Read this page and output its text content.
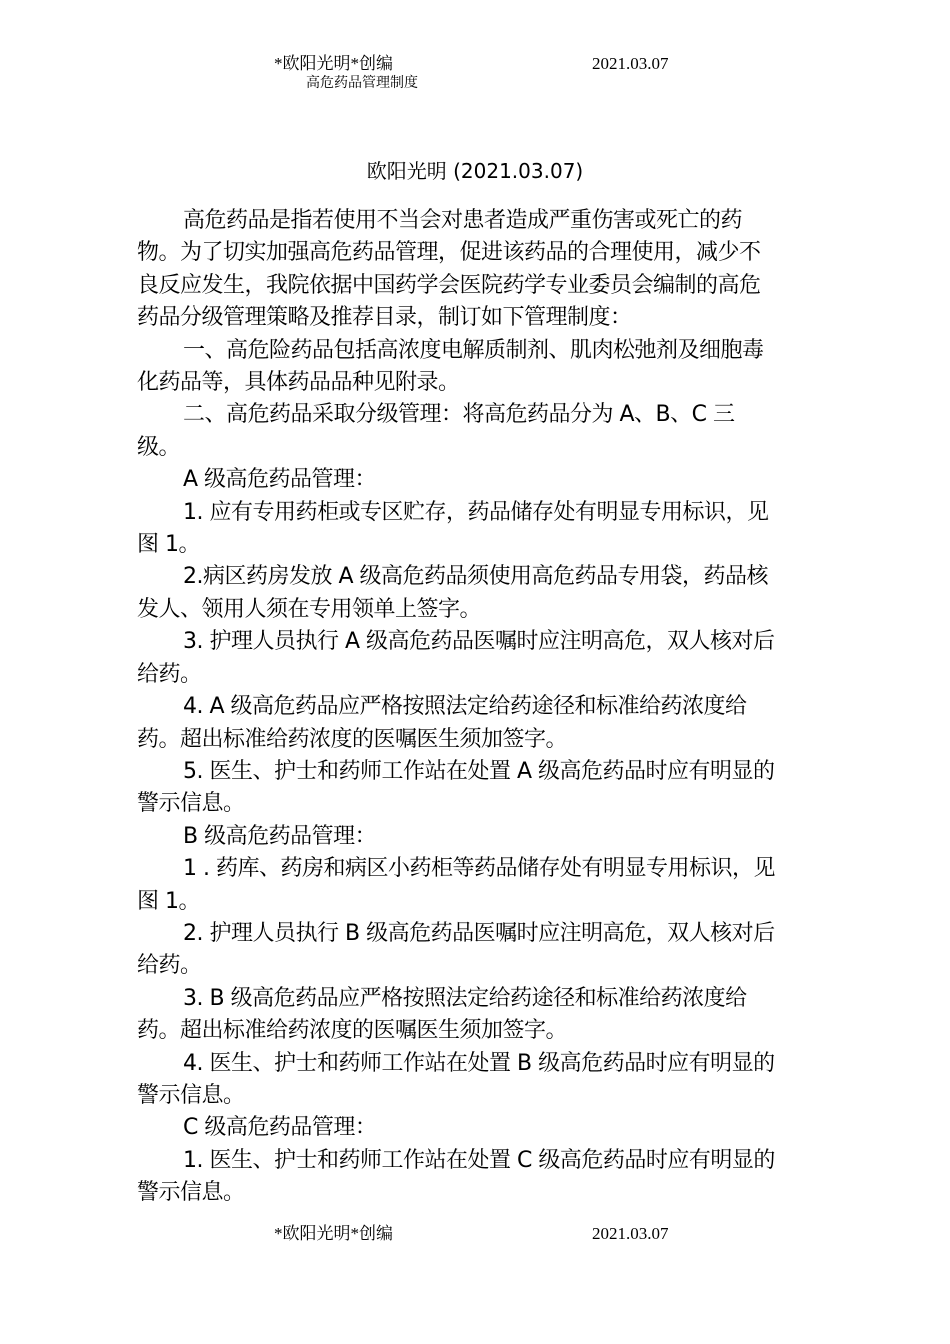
*欧阳光明*创编	2021.03.07
高危药品管理制度
欧阳光明 (2021.03.07)

高危药品是指若使用不当会对患者造成严重伤害或死亡的药

物。为了切实加强高危药品管理，促进该药品的合理使用，减少不

良反应发生，我院依据中国药学会医院药学专业委员会编制的高危

药品分级管理策略及推荐目录，制订如下管理制度：

一、高危险药品包括高浓度电解质制剂、肌肉松弛剂及细胞毒

化药品等，具体药品品种见附录。

二、高危药品采取分级管理：将高危药品分为 A、B、C 三

级。

A 级高危药品管理：

1. 应有专用药柜或专区贮存，药品储存处有明显专用标识，见

图 1。

2.病区药房发放 A 级高危药品须使用高危药品专用袋，药品核

发人、领用人须在专用领单上签字。

3. 护理人员执行 A 级高危药品医嘱时应注明高危，双人核对后

给药。

4. A 级高危药品应严格按照法定给药途径和标准给药浓度给

药。超出标准给药浓度的医嘱医生须加签字。

5. 医生、护士和药师工作站在处置 A 级高危药品时应有明显的

警示信息。

B 级高危药品管理：

1 . 药库、药房和病区小药柜等药品储存处有明显专用标识，见

图 1。

2. 护理人员执行 B 级高危药品医嘱时应注明高危，双人核对后

给药。

3. B 级高危药品应严格按照法定给药途径和标准给药浓度给

药。超出标准给药浓度的医嘱医生须加签字。

4. 医生、护士和药师工作站在处置 B 级高危药品时应有明显的

警示信息。

C 级高危药品管理：

1. 医生、护士和药师工作站在处置 C 级高危药品时应有明显的

警示信息。

*欧阳光明*创编	2021.03.07
